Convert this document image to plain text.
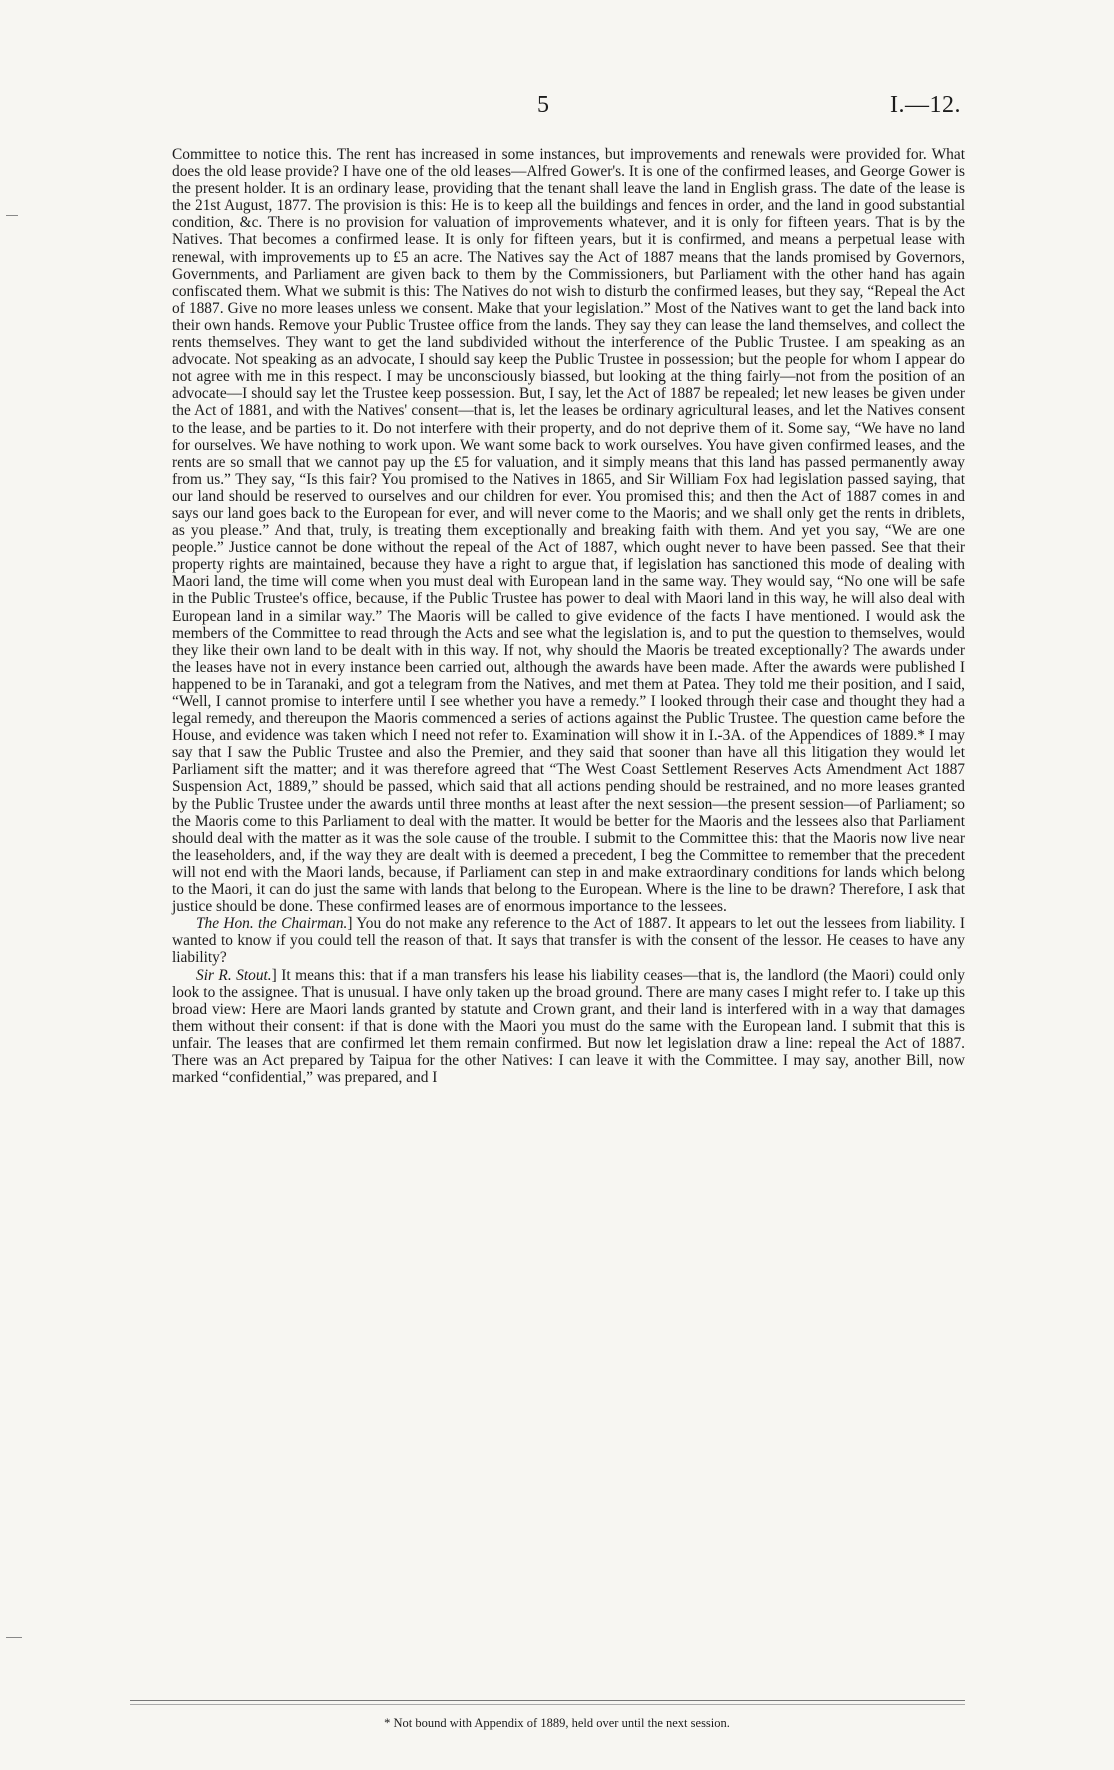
5	I.—12.

Committee to notice this. The rent has increased in some instances, but improvements and renewals were provided for. What does the old lease provide? I have one of the old leases—Alfred Gower's. It is one of the confirmed leases, and George Gower is the present holder. It is an ordinary lease, providing that the tenant shall leave the land in English grass. The date of the lease is the 21st August, 1877. The provision is this: He is to keep all the buildings and fences in order, and the land in good substantial condition, &c. There is no provision for valuation of improvements whatever, and it is only for fifteen years. That is by the Natives. That becomes a confirmed lease. It is only for fifteen years, but it is confirmed, and means a perpetual lease with renewal, with improvements up to £5 an acre. The Natives say the Act of 1887 means that the lands promised by Governors, Governments, and Parliament are given back to them by the Commissioners, but Parliament with the other hand has again confiscated them. What we submit is this: The Natives do not wish to disturb the confirmed leases, but they say, “Repeal the Act of 1887. Give no more leases unless we consent. Make that your legislation.” Most of the Natives want to get the land back into their own hands. Remove your Public Trustee office from the lands. They say they can lease the land themselves, and collect the rents themselves. They want to get the land subdivided without the interference of the Public Trustee. I am speaking as an advocate. Not speaking as an advocate, I should say keep the Public Trustee in possession; but the people for whom I appear do not agree with me in this respect. I may be unconsciously biassed, but looking at the thing fairly—not from the position of an advocate—I should say let the Trustee keep possession. But, I say, let the Act of 1887 be repealed; let new leases be given under the Act of 1881, and with the Natives' consent—that is, let the leases be ordinary agricultural leases, and let the Natives consent to the lease, and be parties to it. Do not interfere with their property, and do not deprive them of it. Some say, “We have no land for ourselves. We have nothing to work upon. We want some back to work ourselves. You have given confirmed leases, and the rents are so small that we cannot pay up the £5 for valuation, and it simply means that this land has passed permanently away from us.” They say, “Is this fair? You promised to the Natives in 1865, and Sir William Fox had legislation passed saying, that our land should be reserved to ourselves and our children for ever. You promised this; and then the Act of 1887 comes in and says our land goes back to the European for ever, and will never come to the Maoris; and we shall only get the rents in driblets, as you please.” And that, truly, is treating them exceptionally and breaking faith with them. And yet you say, “We are one people.” Justice cannot be done without the repeal of the Act of 1887, which ought never to have been passed. See that their property rights are maintained, because they have a right to argue that, if legislation has sanctioned this mode of dealing with Maori land, the time will come when you must deal with European land in the same way. They would say, “No one will be safe in the Public Trustee's office, because, if the Public Trustee has power to deal with Maori land in this way, he will also deal with European land in a similar way.” The Maoris will be called to give evidence of the facts I have mentioned. I would ask the members of the Committee to read through the Acts and see what the legislation is, and to put the question to themselves, would they like their own land to be dealt with in this way. If not, why should the Maoris be treated exceptionally? The awards under the leases have not in every instance been carried out, although the awards have been made. After the awards were published I happened to be in Taranaki, and got a telegram from the Natives, and met them at Patea. They told me their position, and I said, “Well, I cannot promise to interfere until I see whether you have a remedy.” I looked through their case and thought they had a legal remedy, and thereupon the Maoris commenced a series of actions against the Public Trustee. The question came before the House, and evidence was taken which I need not refer to. Examination will show it in I.-3A. of the Appendices of 1889.* I may say that I saw the Public Trustee and also the Premier, and they said that sooner than have all this litigation they would let Parliament sift the matter; and it was therefore agreed that “The West Coast Settlement Reserves Acts Amendment Act 1887 Suspension Act, 1889,” should be passed, which said that all actions pending should be restrained, and no more leases granted by the Public Trustee under the awards until three months at least after the next session—the present session—of Parliament; so the Maoris come to this Parliament to deal with the matter. It would be better for the Maoris and the lessees also that Parliament should deal with the matter as it was the sole cause of the trouble. I submit to the Committee this: that the Maoris now live near the leaseholders, and, if the way they are dealt with is deemed a precedent, I beg the Committee to remember that the precedent will not end with the Maori lands, because, if Parliament can step in and make extraordinary conditions for lands which belong to the Maori, it can do just the same with lands that belong to the European. Where is the line to be drawn? Therefore, I ask that justice should be done. These confirmed leases are of enormous importance to the lessees.

The Hon. the Chairman.] You do not make any reference to the Act of 1887. It appears to let out the lessees from liability. I wanted to know if you could tell the reason of that. It says that transfer is with the consent of the lessor. He ceases to have any liability?

Sir R. Stout.] It means this: that if a man transfers his lease his liability ceases—that is, the landlord (the Maori) could only look to the assignee. That is unusual. I have only taken up the broad ground. There are many cases I might refer to. I take up this broad view: Here are Maori lands granted by statute and Crown grant, and their land is interfered with in a way that damages them without their consent: if that is done with the Maori you must do the same with the European land. I submit that this is unfair. The leases that are confirmed let them remain confirmed. But now let legislation draw a line: repeal the Act of 1887. There was an Act prepared by Taipua for the other Natives: I can leave it with the Committee. I may say, another Bill, now marked “confidential,” was prepared, and I

* Not bound with Appendix of 1889, held over until the next session.
